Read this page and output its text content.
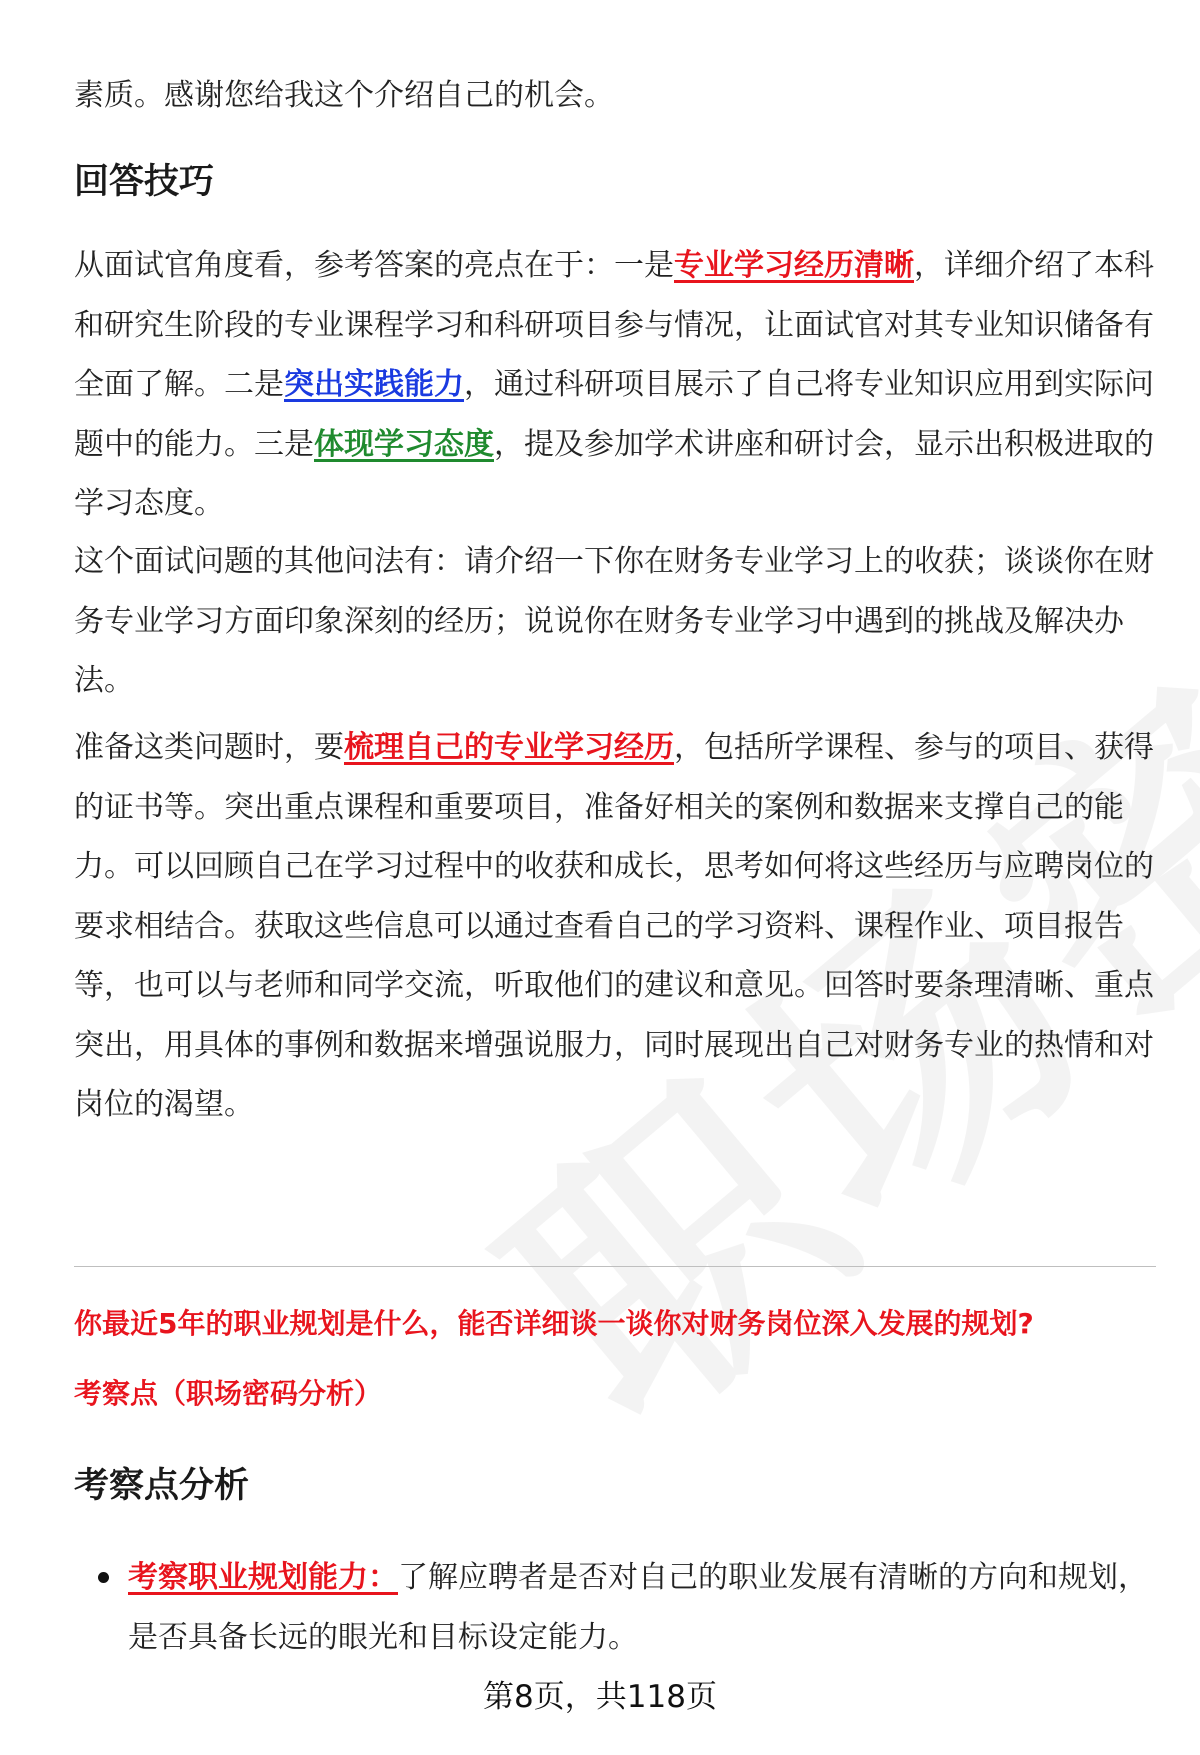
素质。感谢您给我这个介绍自己的机会。

回答技巧

从面试官角度看，参考答案的亮点在于：一是专业学习经历清晰，详细介绍了本科和研究生阶段的专业课程学习和科研项目参与情况，让面试官对其专业知识储备有全面了解。二是突出实践能力，通过科研项目展示了自己将专业知识应用到实际问题中的能力。三是体现学习态度，提及参加学术讲座和研讨会，显示出积极进取的学习态度。

这个面试问题的其他问法有：请介绍一下你在财务专业学习上的收获；谈谈你在财务专业学习方面印象深刻的经历；说说你在财务专业学习中遇到的挑战及解决办法。

准备这类问题时，要梳理自己的专业学习经历，包括所学课程、参与的项目、获得的证书等。突出重点课程和重要项目，准备好相关的案例和数据来支撑自己的能力。可以回顾自己在学习过程中的收获和成长，思考如何将这些经历与应聘岗位的要求相结合。获取这些信息可以通过查看自己的学习资料、课程作业、项目报告等，也可以与老师和同学交流，听取他们的建议和意见。回答时要条理清晰、重点突出，用具体的事例和数据来增强说服力，同时展现出自己对财务专业的热情和对岗位的渴望。

你最近5年的职业规划是什么，能否详细谈一谈你对财务岗位深入发展的规划?

考察点（职场密码分析）

考察点分析
考察职业规划能力：了解应聘者是否对自己的职业发展有清晰的方向和规划，是否具备长远的眼光和目标设定能力。
第8页，共118页
